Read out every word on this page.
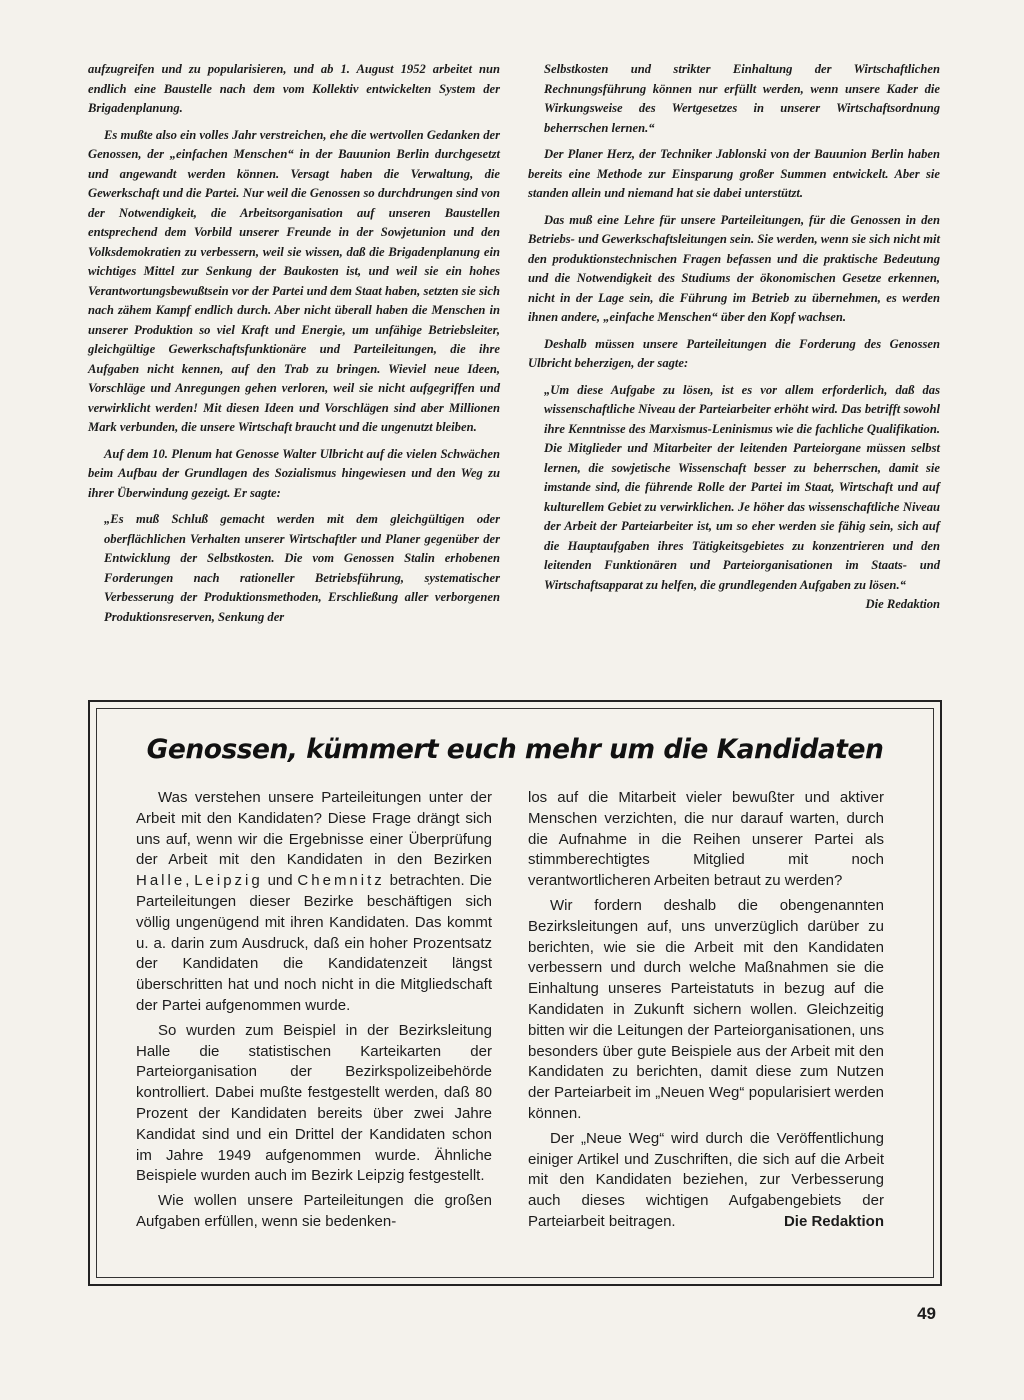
aufzugreifen und zu popularisieren, und ab 1. August 1952 arbeitet nun endlich eine Baustelle nach dem vom Kollektiv entwickelten System der Brigadenplanung.

Es mußte also ein volles Jahr verstreichen, ehe die wertvollen Gedanken der Genossen, der „einfachen Menschen“ in der Bauunion Berlin durchgesetzt und angewandt werden können. Versagt haben die Verwaltung, die Gewerkschaft und die Partei. Nur weil die Genossen so durchdrungen sind von der Notwendigkeit, die Arbeitsorganisation auf unseren Baustellen entsprechend dem Vorbild unserer Freunde in der Sowjetunion und den Volksdemokratien zu verbessern, weil sie wissen, daß die Brigadenplanung ein wichtiges Mittel zur Senkung der Baukosten ist, und weil sie ein hohes Verantwortungsbewußtsein vor der Partei und dem Staat haben, setzten sie sich nach zähem Kampf endlich durch. Aber nicht überall haben die Menschen in unserer Produktion so viel Kraft und Energie, um unfähige Betriebsleiter, gleichgültige Gewerkschaftsfunktionäre und Parteileitungen, die ihre Aufgaben nicht kennen, auf den Trab zu bringen. Wieviel neue Ideen, Vorschläge und Anregungen gehen verloren, weil sie nicht aufgegriffen und verwirklicht werden! Mit diesen Ideen und Vorschlägen sind aber Millionen Mark verbunden, die unsere Wirtschaft braucht und die ungenutzt bleiben.

Auf dem 10. Plenum hat Genosse Walter Ulbricht auf die vielen Schwächen beim Aufbau der Grundlagen des Sozialismus hingewiesen und den Weg zu ihrer Überwindung gezeigt. Er sagte:

„Es muß Schluß gemacht werden mit dem gleichgültigen oder oberflächlichen Verhalten unserer Wirtschaftler und Planer gegenüber der Entwicklung der Selbstkosten. Die vom Genossen Stalin erhobenen Forderungen nach rationeller Betriebsführung, systematischer Verbesserung der Produktionsmethoden, Erschließung aller verborgenen Produktionsreserven, Senkung der

Selbstkosten und strikter Einhaltung der Wirtschaftlichen Rechnungsführung können nur erfüllt werden, wenn unsere Kader die Wirkungsweise des Wertgesetzes in unserer Wirtschaftsordnung beherrschen lernen.“

Der Planer Herz, der Techniker Jablonski von der Bauunion Berlin haben bereits eine Methode zur Einsparung großer Summen entwickelt. Aber sie standen allein und niemand hat sie dabei unterstützt.

Das muß eine Lehre für unsere Parteileitungen, für die Genossen in den Betriebs- und Gewerkschaftsleitungen sein. Sie werden, wenn sie sich nicht mit den produktionstechnischen Fragen befassen und die praktische Bedeutung und die Notwendigkeit des Studiums der ökonomischen Gesetze erkennen, nicht in der Lage sein, die Führung im Betrieb zu übernehmen, es werden ihnen andere, „einfache Menschen“ über den Kopf wachsen.

Deshalb müssen unsere Parteileitungen die Forderung des Genossen Ulbricht beherzigen, der sagte:

„Um diese Aufgabe zu lösen, ist es vor allem erforderlich, daß das wissenschaftliche Niveau der Parteiarbeiter erhöht wird. Das betrifft sowohl ihre Kenntnisse des Marxismus-Leninismus wie die fachliche Qualifikation. Die Mitglieder und Mitarbeiter der leitenden Parteiorgane müssen selbst lernen, die sowjetische Wissenschaft besser zu beherrschen, damit sie imstande sind, die führende Rolle der Partei im Staat, Wirtschaft und auf kulturellem Gebiet zu verwirklichen. Je höher das wissenschaftliche Niveau der Arbeit der Parteiarbeiter ist, um so eher werden sie fähig sein, sich auf die Hauptaufgaben ihres Tätigkeitsgebietes zu konzentrieren und den leitenden Funktionären und Parteiorganisationen im Staats- und Wirtschaftsapparat zu helfen, die grundlegenden Aufgaben zu lösen.“
Die Redaktion

Genossen, kümmert euch mehr um die Kandidaten

Was verstehen unsere Parteileitungen unter der Arbeit mit den Kandidaten? Diese Frage drängt sich uns auf, wenn wir die Ergebnisse einer Überprüfung der Arbeit mit den Kandidaten in den Bezirken Halle, Leipzig und Chemnitz betrachten. Die Parteileitungen dieser Bezirke beschäftigen sich völlig ungenügend mit ihren Kandidaten. Das kommt u. a. darin zum Ausdruck, daß ein hoher Prozentsatz der Kandidaten die Kandidatenzeit längst überschritten hat und noch nicht in die Mitgliedschaft der Partei aufgenommen wurde.

So wurden zum Beispiel in der Bezirksleitung Halle die statistischen Karteikarten der Parteiorganisation der Bezirkspolizeibehörde kontrolliert. Dabei mußte festgestellt werden, daß 80 Prozent der Kandidaten bereits über zwei Jahre Kandidat sind und ein Drittel der Kandidaten schon im Jahre 1949 aufgenommen wurde. Ähnliche Beispiele wurden auch im Bezirk Leipzig festgestellt.

Wie wollen unsere Parteileitungen die großen Aufgaben erfüllen, wenn sie bedenken-

los auf die Mitarbeit vieler bewußter und aktiver Menschen verzichten, die nur darauf warten, durch die Aufnahme in die Reihen unserer Partei als stimmberechtigtes Mitglied mit noch verantwortlicheren Arbeiten betraut zu werden?

Wir fordern deshalb die obengenannten Bezirksleitungen auf, uns unverzüglich darüber zu berichten, wie sie die Arbeit mit den Kandidaten verbessern und durch welche Maßnahmen sie die Einhaltung unseres Parteistatuts in bezug auf die Kandidaten in Zukunft sichern wollen. Gleichzeitig bitten wir die Leitungen der Parteiorganisationen, uns besonders über gute Beispiele aus der Arbeit mit den Kandidaten zu berichten, damit diese zum Nutzen der Parteiarbeit im „Neuen Weg“ popularisiert werden können.

Der „Neue Weg“ wird durch die Veröffentlichung einiger Artikel und Zuschriften, die sich auf die Arbeit mit den Kandidaten beziehen, zur Verbesserung auch dieses wichtigen Aufgabengebiets der Parteiarbeit beitragen.	Die Redaktion

49
